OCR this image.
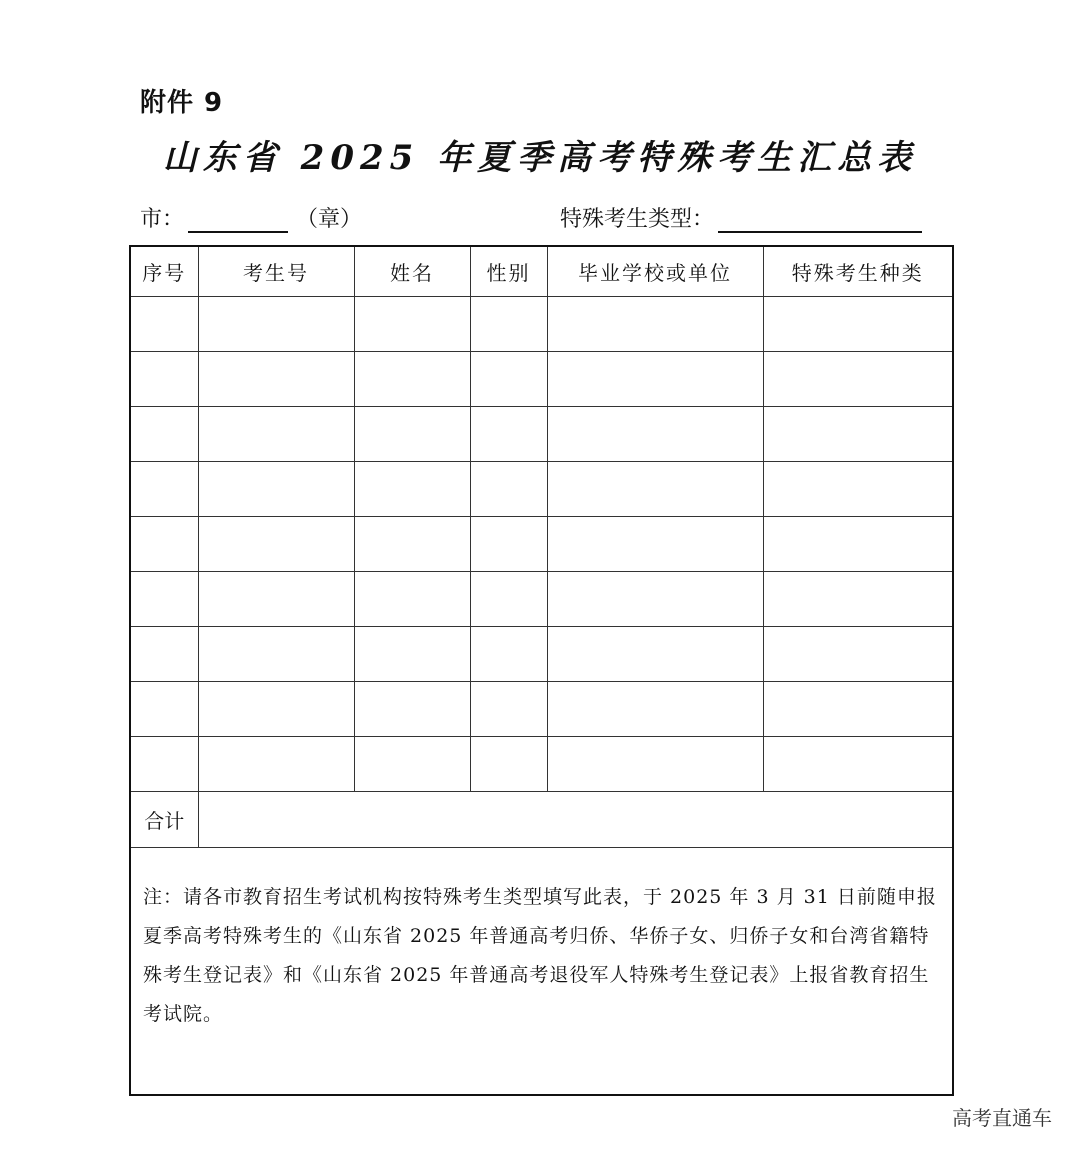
附件 9
山东省 2025 年夏季高考特殊考生汇总表
市：	（章）	特殊考生类型：
序号	考生号	姓名	性别	毕业学校或单位	特殊考生种类

合计					
注：请各市教育招生考试机构按特殊考生类型填写此表，于 2025 年 3 月 31 日前随申报夏季高考特殊考生的《山东省 2025 年普通高考归侨、华侨子女、归侨子女和台湾省籍特殊考生登记表》和《山东省 2025 年普通高考退役军人特殊考生登记表》上报省教育招生考试院。					
高考直通车
